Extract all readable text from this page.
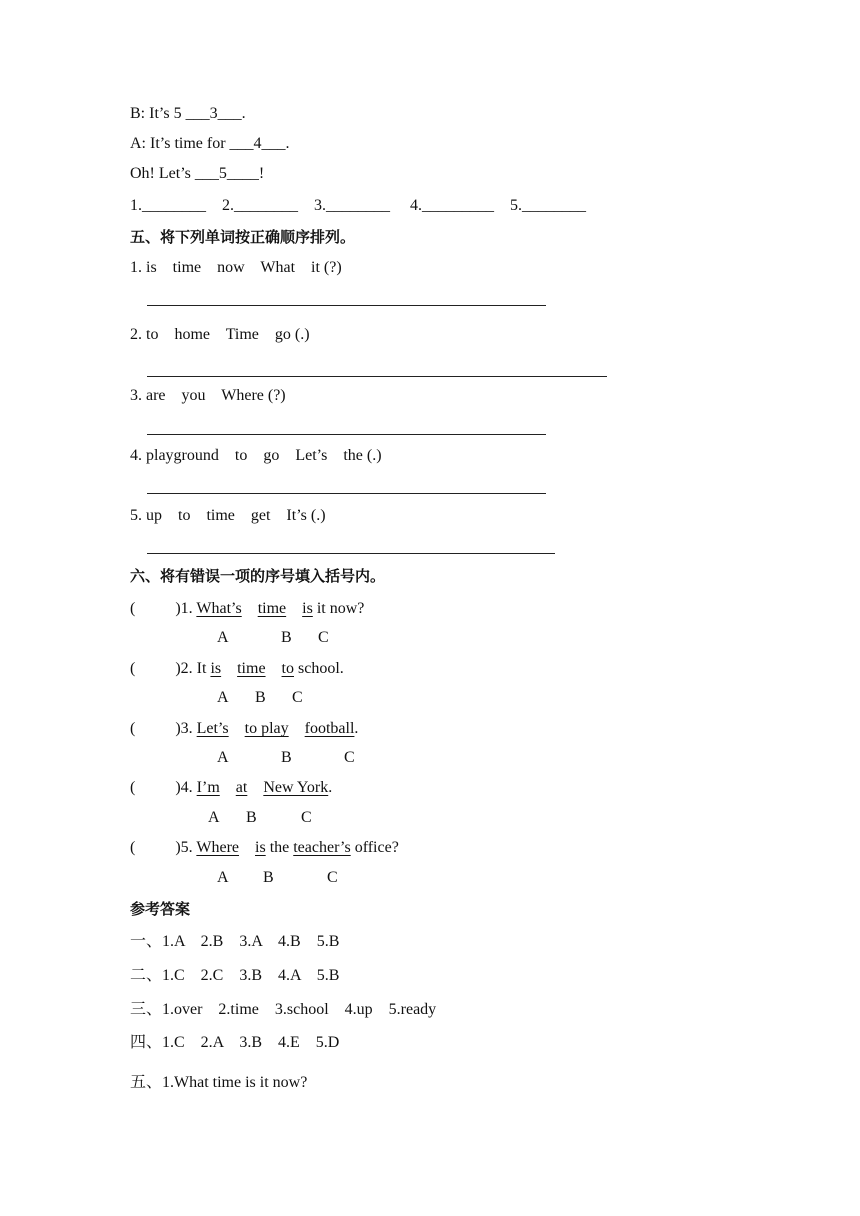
B: It’s 5 ___3___.
A: It’s time for ___4___.
Oh! Let’s ___5____!
1.________    2.________    3.________     4._________    5.________
五、将下列单词按正确顺序排列。
1. is    time    now    What    it (?)
2. to    home    Time    go (.)
3. are    you    Where (?)
4. playground    to    go    Let’s    the (.)
5. up    to    time    get    It’s (.)
六、将有错误一项的序号填入括号内。
(          )1. What’s time is it now?
A	B C
(          )2. It is time to school.
A B C
(          )3. Let’s to play football.
A	B	C
(          )4. I’m at New York.
A B	C
(          )5. Where is the teacher’s office?
A B	C
参考答案
一、1.A    2.B    3.A    4.B    5.B
二、1.C    2.C    3.B    4.A    5.B
三、1.over    2.time    3.school    4.up    5.ready
四、1.C    2.A    3.B    4.E    5.D
五、1.What time is it now?
